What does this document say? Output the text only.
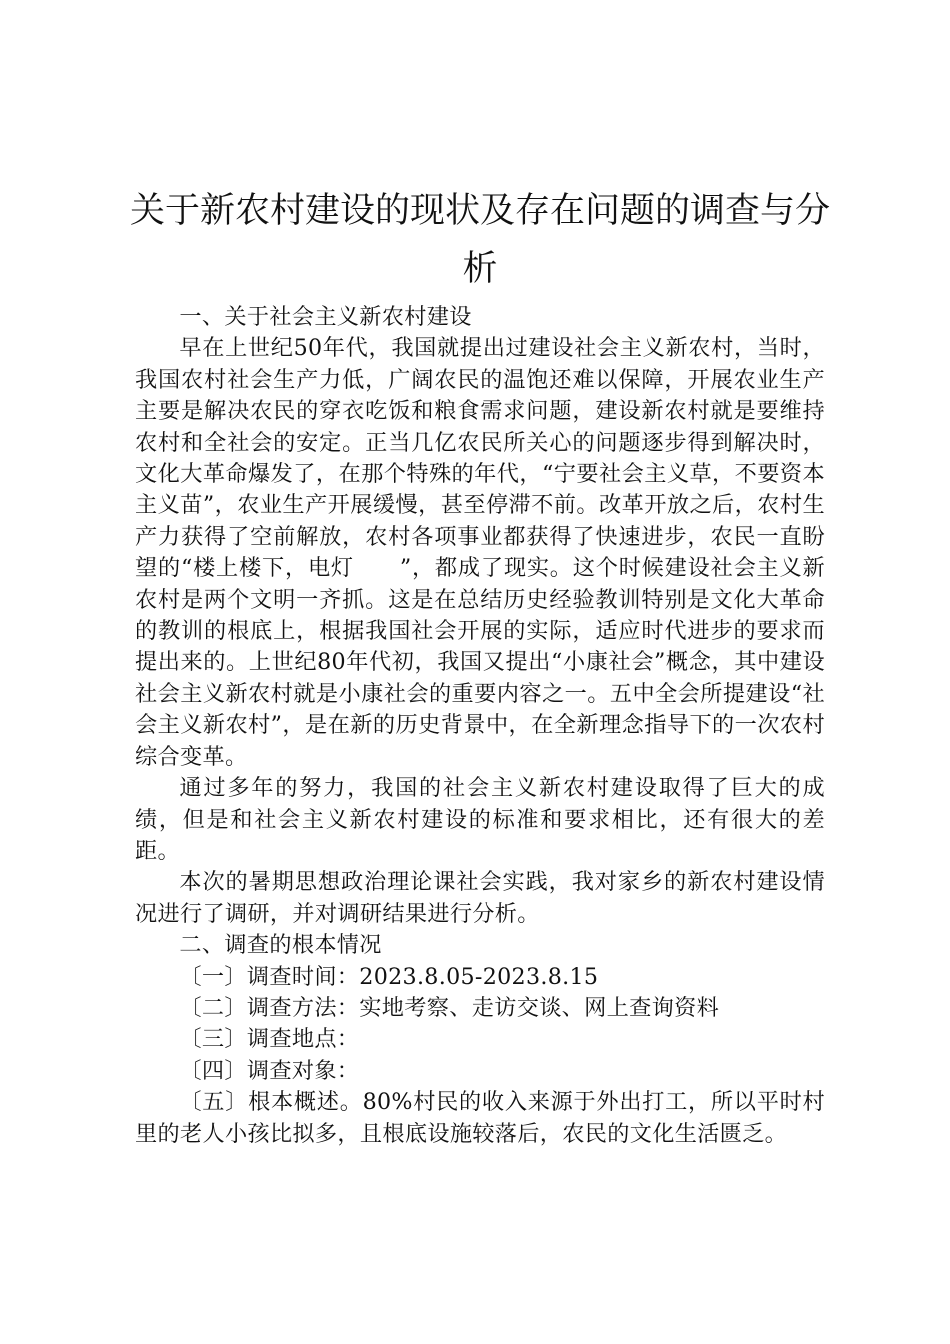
关于新农村建设的现状及存在问题的调查与分析

一、关于社会主义新农村建设

早在上世纪50年代，我国就提出过建设社会主义新农村，当时，我国农村社会生产力低，广阔农民的温饱还难以保障，开展农业生产主要是解决农民的穿衣吃饭和粮食需求问题，建设新农村就是要维持农村和全社会的安定。正当几亿农民所关心的问题逐步得到解决时，文化大革命爆发了，在那个特殊的年代，“宁要社会主义草，不要资本主义苗”，农业生产开展缓慢，甚至停滞不前。改革开放之后，农村生产力获得了空前解放，农村各项事业都获得了快速进步，农民一直盼望的“楼上楼下，电灯　　”，都成了现实。这个时候建设社会主义新农村是两个文明一齐抓。这是在总结历史经验教训特别是文化大革命的教训的根底上，根据我国社会开展的实际，适应时代进步的要求而提出来的。上世纪80年代初，我国又提出“小康社会”概念，其中建设社会主义新农村就是小康社会的重要内容之一。五中全会所提建设“社会主义新农村”，是在新的历史背景中，在全新理念指导下的一次农村综合变革。

通过多年的努力，我国的社会主义新农村建设取得了巨大的成绩，但是和社会主义新农村建设的标准和要求相比，还有很大的差距。

本次的暑期思想政治理论课社会实践，我对家乡的新农村建设情况进行了调研，并对调研结果进行分析。

二、调查的根本情况

〔一〕调查时间：2023.8.05-2023.8.15

〔二〕调查方法：实地考察、走访交谈、网上查询资料

〔三〕调查地点：

〔四〕调查对象：

〔五〕根本概述。80%村民的收入来源于外出打工，所以平时村里的老人小孩比拟多，且根底设施较落后，农民的文化生活匮乏。
